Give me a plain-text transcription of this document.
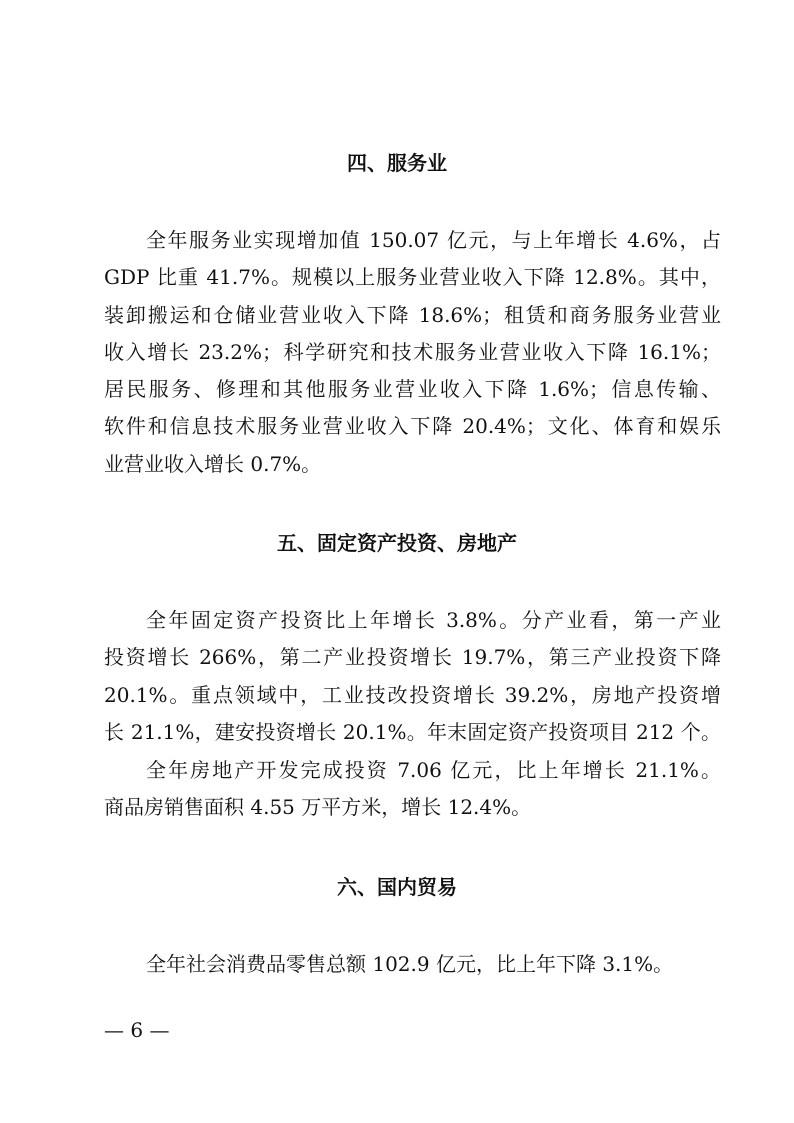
四、服务业
全年服务业实现增加值 150.07 亿元，与上年增长 4.6%，占
GDP 比重 41.7%。规模以上服务业营业收入下降 12.8%。其中，
装卸搬运和仓储业营业收入下降 18.6%；租赁和商务服务业营业
收入增长 23.2%；科学研究和技术服务业营业收入下降 16.1%；
居民服务、修理和其他服务业营业收入下降 1.6%；信息传输、
软件和信息技术服务业营业收入下降 20.4%；文化、体育和娱乐
业营业收入增长 0.7%。
五、固定资产投资、房地产
全年固定资产投资比上年增长 3.8%。分产业看，第一产业
投资增长 266%，第二产业投资增长 19.7%，第三产业投资下降
20.1%。重点领域中，工业技改投资增长 39.2%，房地产投资增
长 21.1%，建安投资增长 20.1%。年末固定资产投资项目 212 个。
全年房地产开发完成投资 7.06 亿元，比上年增长 21.1%。
商品房销售面积 4.55 万平方米，增长 12.4%。
六、国内贸易
全年社会消费品零售总额 102.9 亿元，比上年下降 3.1%。
— 6 —
